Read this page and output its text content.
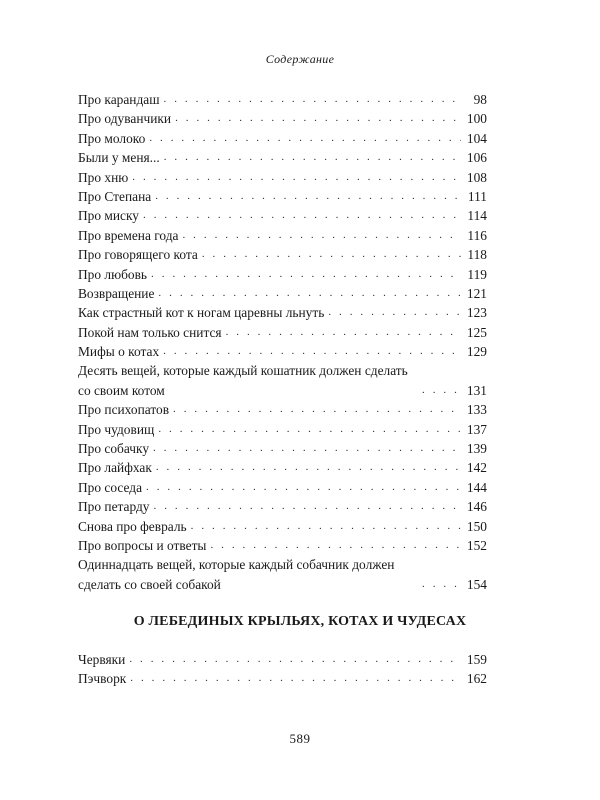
Содержание
Про карандаш . . .	98
Про одуванчики . . .	100
Про молоко . . .	104
Были у меня... . . .	106
Про хню . . .	108
Про Степана . . .	111
Про миску . . .	114
Про времена года . . .	116
Про говорящего кота . . .	118
Про любовь . . .	119
Возвращение . . .	121
Как страстный кот к ногам царевны льнуть . . .	123
Покой нам только снится . . .	125
Мифы о котах . . .	129
Десять вещей, которые каждый кошатник должен сделать со своим котом . . .	131
Про психопатов . . .	133
Про чудовищ . . .	137
Про собачку . . .	139
Про лайфхак . . .	142
Про соседа . . .	144
Про петарду . . .	146
Снова про февраль . . .	150
Про вопросы и ответы . . .	152
Одиннадцать вещей, которые каждый собачник должен сделать со своей собакой . . .	154
О ЛЕБЕДИНЫХ КРЫЛЬЯХ, КОТАХ И ЧУДЕСАХ
Червяки . . .	159
Пэчворк . . .	162
589
